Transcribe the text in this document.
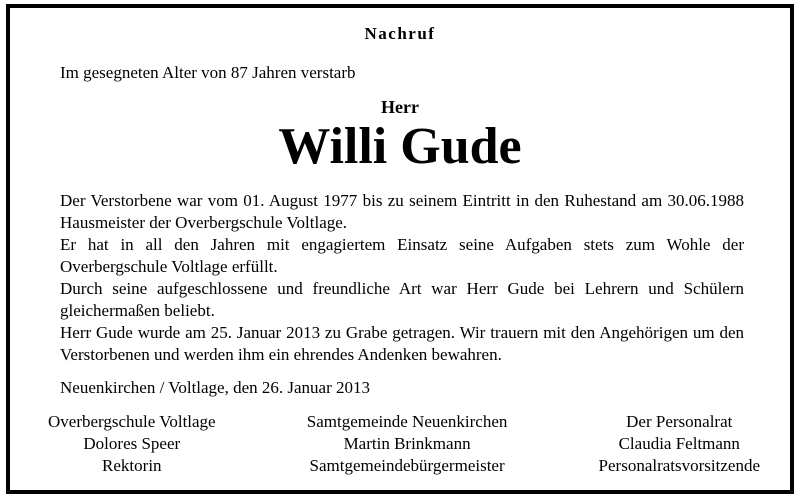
Nachruf
Im gesegneten Alter von 87 Jahren verstarb
Herr
Willi Gude

Der Verstorbene war vom 01. August 1977 bis zu seinem Eintritt in den Ruhestand am 30.06.1988 Hausmeister der Overbergschule Voltlage.

Er hat in all den Jahren mit engagiertem Einsatz seine Aufgaben stets zum Wohle der Overbergschule Voltlage erfüllt.

Durch seine aufgeschlossene und freundliche Art war Herr Gude bei Lehrern und Schülern gleichermaßen beliebt.

Herr Gude wurde am 25. Januar 2013 zu Grabe getragen. Wir trauern mit den Angehörigen um den Verstorbenen und werden ihm ein ehrendes Andenken bewahren.

Neuenkirchen / Voltlage, den 26. Januar 2013
Overbergschule Voltlage
Dolores Speer
Rektorin
Samtgemeinde Neuenkirchen
Martin Brinkmann
Samtgemeindebürgermeister
Der Personalrat
Claudia Feltmann
Personalratsvorsitzende
